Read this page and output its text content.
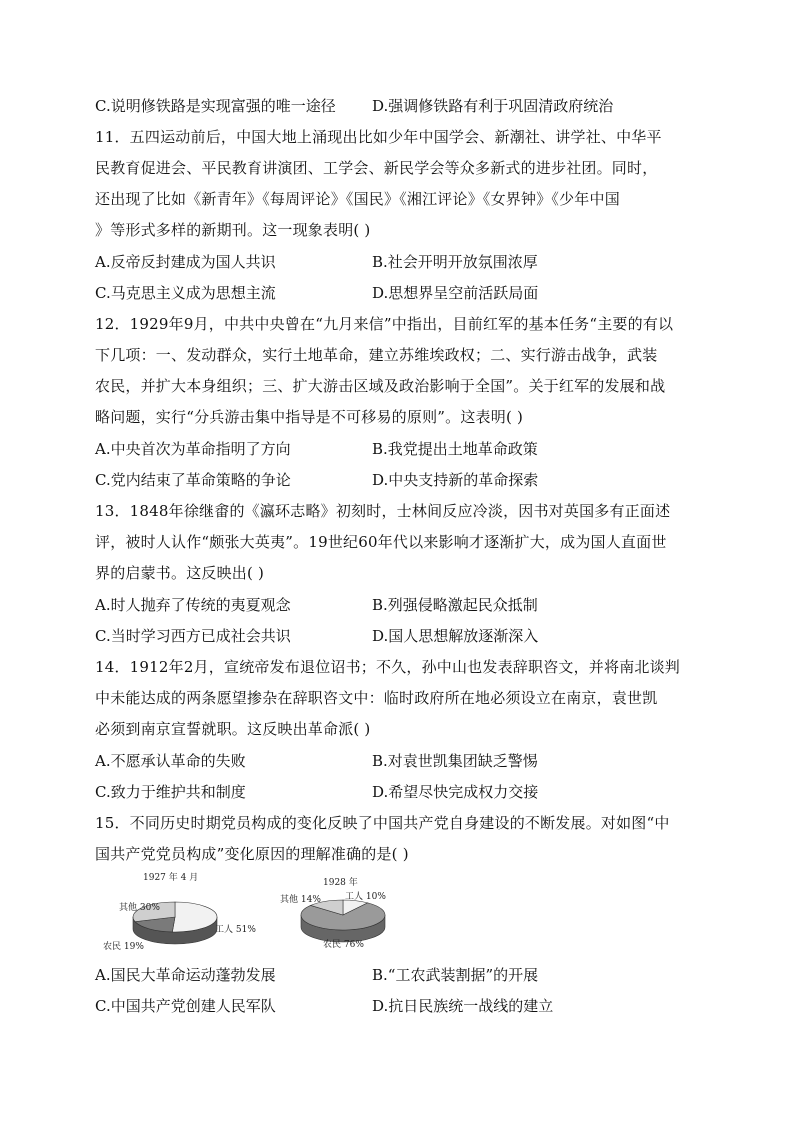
C.说明修铁路是实现富强的唯一途径 D.强调修铁路有利于巩固清政府统治
11．五四运动前后，中国大地上涌现出比如少年中国学会、新潮社、讲学社、中华平
民教育促进会、平民教育讲演团、工学会、新民学会等众多新式的进步社团。同时，
还出现了比如《新青年》《每周评论》《国民》《湘江评论》《女界钟》《少年中国
》等形式多样的新期刊。这一现象表明( )
A.反帝反封建成为国人共识	B.社会开明开放氛围浓厚
C.马克思主义成为思想主流	D.思想界呈空前活跃局面
12．1929年9月，中共中央曾在“九月来信”中指出，目前红军的基本任务“主要的有以
下几项：一、发动群众，实行土地革命，建立苏维埃政权；二、实行游击战争，武装
农民，并扩大本身组织；三、扩大游击区域及政治影响于全国”。关于红军的发展和战
略问题，实行“分兵游击集中指导是不可移易的原则”。这表明( )
A.中央首次为革命指明了方向	B.我党提出土地革命政策
C.党内结束了革命策略的争论	D.中央支持新的革命探索
13．1848年徐继畬的《瀛环志略》初刻时，士林间反应冷淡，因书对英国多有正面述
评，被时人认作“颇张大英夷”。19世纪60年代以来影响才逐渐扩大，成为国人直面世
界的启蒙书。这反映出( )
A.时人抛弃了传统的夷夏观念	B.列强侵略激起民众抵制
C.当时学习西方已成社会共识	D.国人思想解放逐渐深入
14．1912年2月，宣统帝发布退位诏书；不久，孙中山也发表辞职咨文，并将南北谈判
中未能达成的两条愿望掺杂在辞职咨文中：临时政府所在地必须设立在南京，袁世凯
必须到南京宣誓就职。这反映出革命派( )
A.不愿承认革命的失败	B.对袁世凯集团缺乏警惕
C.致力于维护共和制度	D.希望尽快完成权力交接
15．不同历史时期党员构成的变化反映了中国共产党自身建设的不断发展。对如图“中
国共产党党员构成”变化原因的理解准确的是( )
1927 年 4 月
其他 30%
工人 51%
农民 19%
1928 年
其他 14%	工人 10%
农民 76%
A.国民大革命运动蓬勃发展	B.“工农武装割据”的开展
C.中国共产党创建人民军队	D.抗日民族统一战线的建立
